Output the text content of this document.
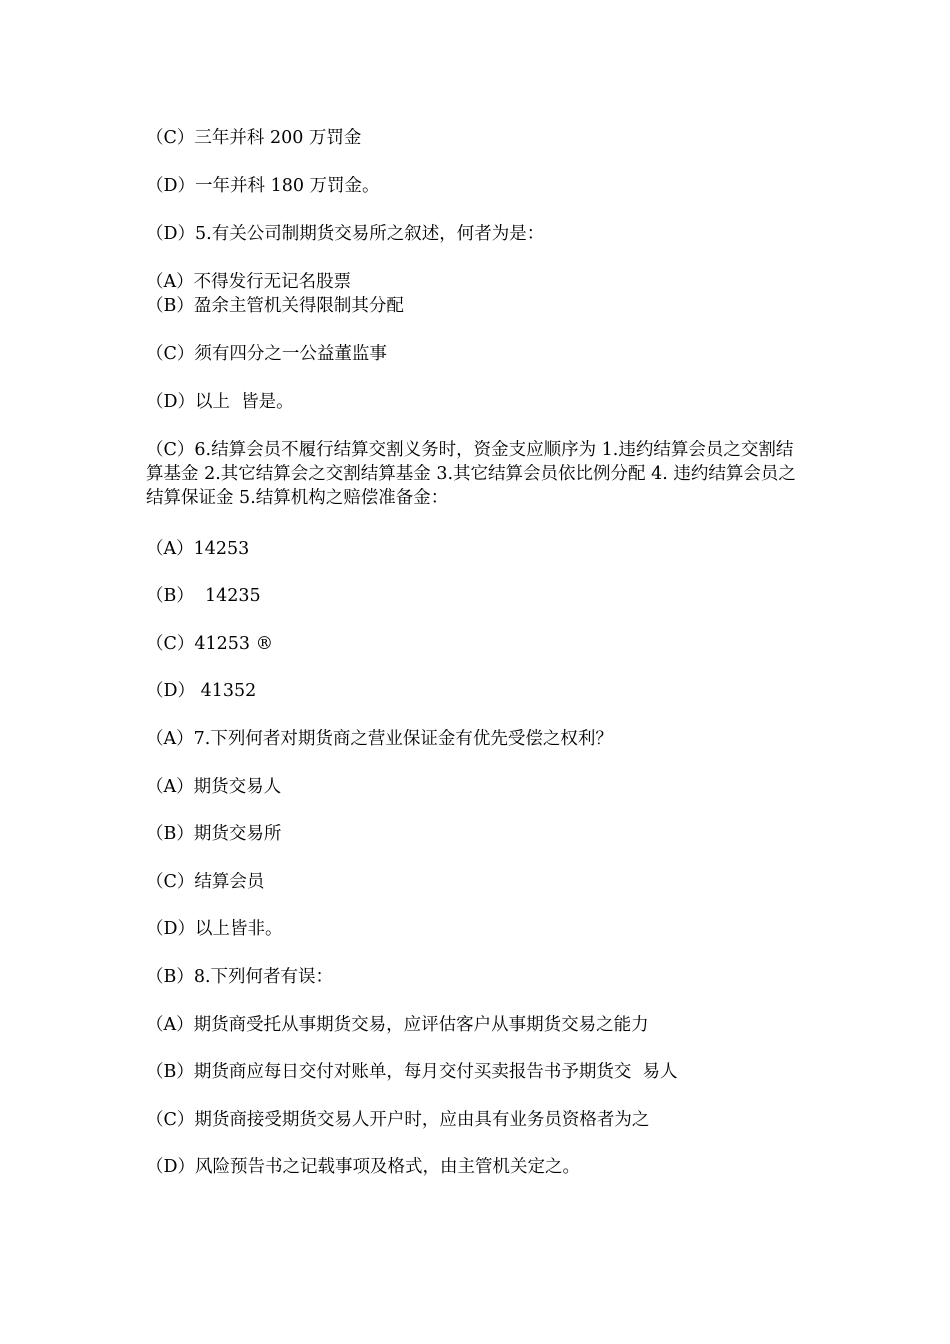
（C）三年并科 200 万罚金

（D）一年并科 180 万罚金。

（D）5.有关公司制期货交易所之叙述，何者为是：

（A）不得发行无记名股票

（B）盈余主管机关得限制其分配

（C）须有四分之一公益董监事

（D）以上  皆是。

（C）6.结算会员不履行结算交割义务时，资金支应顺序为 1.违约结算会员之交割结算基金 2.其它结算会之交割结算基金 3.其它结算会员依比例分配 4. 违约结算会员之结算保证金 5.结算机构之赔偿准备金：

（A）14253

（B）  14235

（C）41253 ®

（D） 41352

（A）7.下列何者对期货商之营业保证金有优先受偿之权利？

（A）期货交易人

（B）期货交易所

（C）结算会员

（D）以上皆非。

（B）8.下列何者有误：

（A）期货商受托从事期货交易，应评估客户从事期货交易之能力

（B）期货商应每日交付对账单，每月交付买卖报告书予期货交  易人

（C）期货商接受期货交易人开户时，应由具有业务员资格者为之

（D）风险预告书之记载事项及格式，由主管机关定之。
